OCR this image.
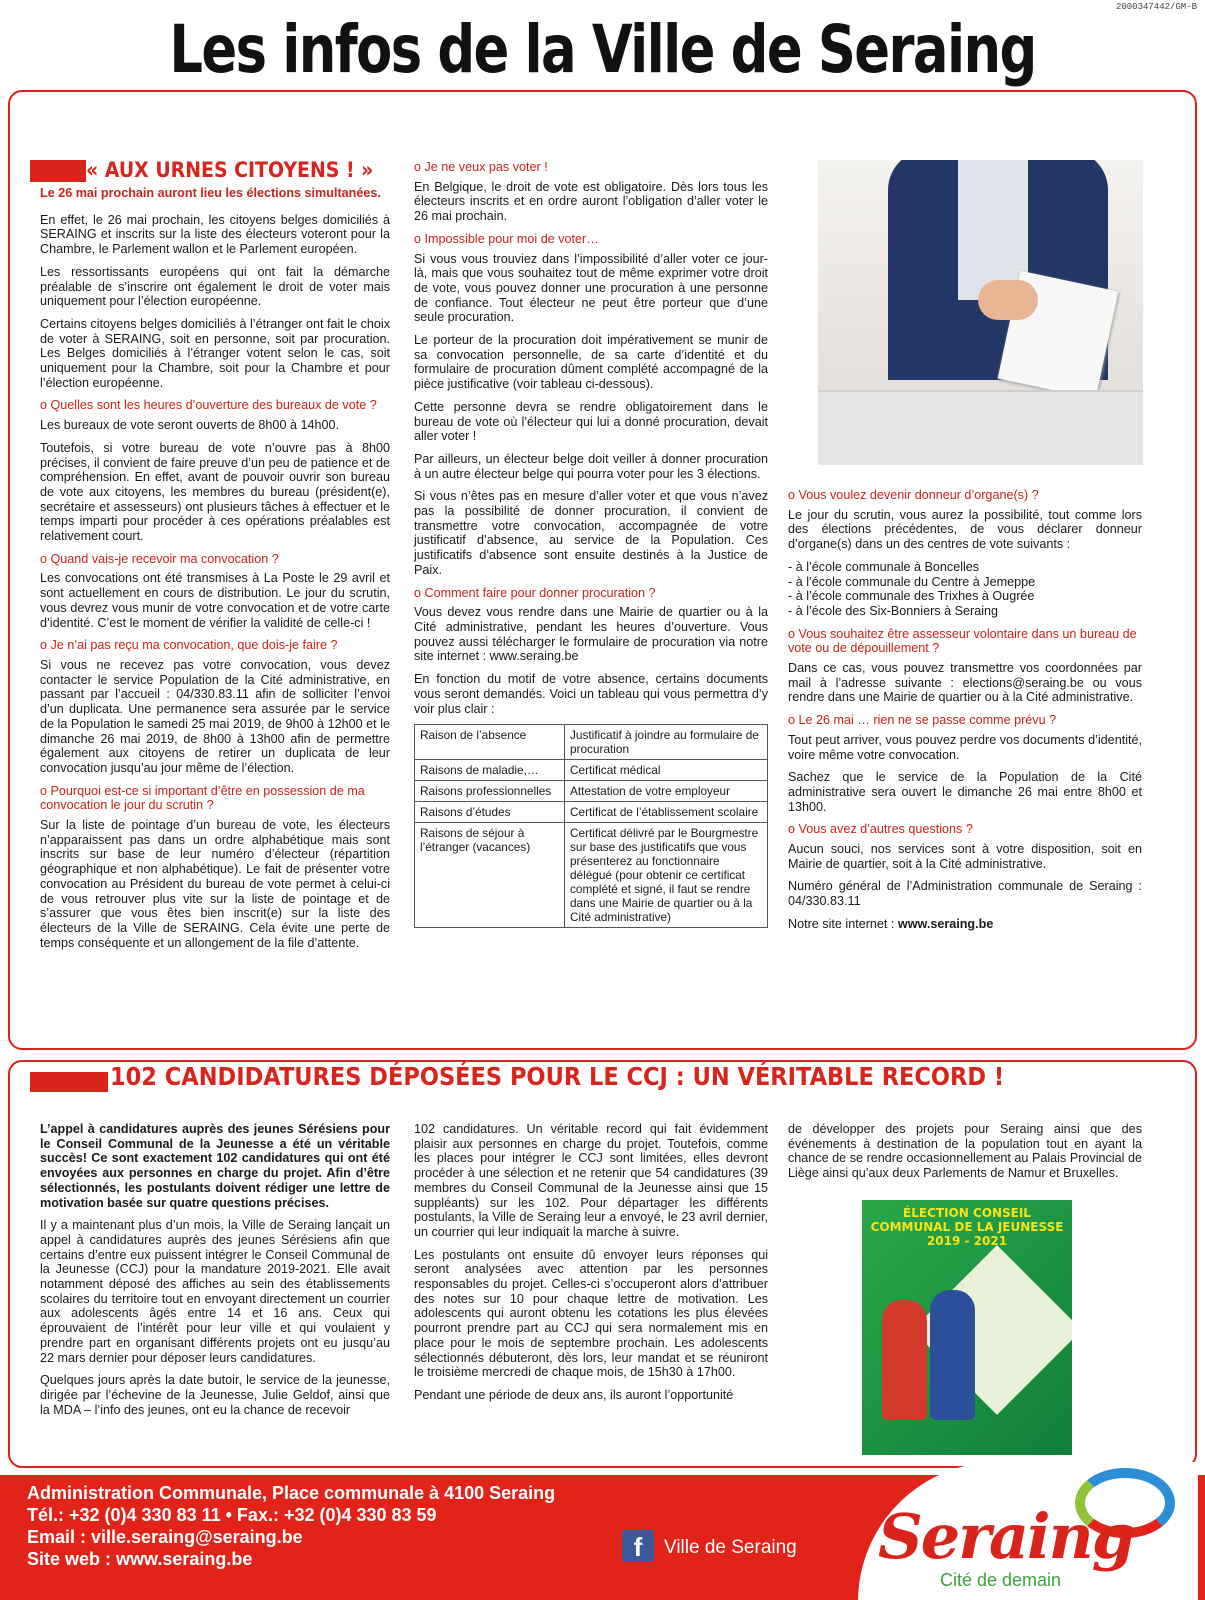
2000347442/GM-B
Les infos de la Ville de Seraing
« AUX URNES CITOYENS ! »

Le 26 mai prochain auront lieu les élections simultanées.

En effet, le 26 mai prochain, les citoyens belges domiciliés à SERAING et inscrits sur la liste des électeurs voteront pour la Chambre, le Parlement wallon et le Parlement européen.

Les ressortissants européens qui ont fait la démarche préalable de s’inscrire ont également le droit de voter mais uniquement pour l’élection européenne.

Certains citoyens belges domiciliés à l’étranger ont fait le choix de voter à SERAING, soit en personne, soit par procuration. Les Belges domiciliés à l’étranger votent selon le cas, soit uniquement pour la Chambre, soit pour la Chambre et pour l’élection européenne.

o Quelles sont les heures d’ouverture des bureaux de vote ?

Les bureaux de vote seront ouverts de 8h00 à 14h00.

Toutefois, si votre bureau de vote n’ouvre pas à 8h00 précises, il convient de faire preuve d’un peu de patience et de compréhension. En effet, avant de pouvoir ouvrir son bureau de vote aux citoyens, les membres du bureau (président(e), secrétaire et assesseurs) ont plusieurs tâches à effectuer et le temps imparti pour procéder à ces opérations préalables est relativement court.

o Quand vais-je recevoir ma convocation ?

Les convocations ont été transmises à La Poste le 29 avril et sont actuellement en cours de distribution. Le jour du scrutin, vous devrez vous munir de votre convocation et de votre carte d’identité. C’est le moment de vérifier la validité de celle-ci !

o Je n’ai pas reçu ma convocation, que dois-je faire ?

Si vous ne recevez pas votre convocation, vous devez contacter le service Population de la Cité administrative, en passant par l’accueil : 04/330.83.11 afin de solliciter l’envoi d’un duplicata. Une permanence sera assurée par le service de la Population le samedi 25 mai 2019, de 9h00 à 12h00 et le dimanche 26 mai 2019, de 8h00 à 13h00 afin de permettre également aux citoyens de retirer un duplicata de leur convocation jusqu’au jour même de l’élection.

o Pourquoi est-ce si important d’être en possession de ma convocation le jour du scrutin ?

Sur la liste de pointage d’un bureau de vote, les électeurs n’apparaissent pas dans un ordre alphabétique mais sont inscrits sur base de leur numéro d’électeur (répartition géographique et non alphabétique). Le fait de présenter votre convocation au Président du bureau de vote permet à celui-ci de vous retrouver plus vite sur la liste de pointage et de s’assurer que vous êtes bien inscrit(e) sur la liste des électeurs de la Ville de SERAING. Cela évite une perte de temps conséquente et un allongement de la file d’attente.

o Je ne veux pas voter !

En Belgique, le droit de vote est obligatoire. Dès lors tous les électeurs inscrits et en ordre auront l’obligation d’aller voter le 26 mai prochain.

o Impossible pour moi de voter…

Si vous vous trouviez dans l’impossibilité d’aller voter ce jour-là, mais que vous souhaitez tout de même exprimer votre droit de vote, vous pouvez donner une procuration à une personne de confiance. Tout électeur ne peut être porteur que d’une seule procuration.

Le porteur de la procuration doit impérativement se munir de sa convocation personnelle, de sa carte d’identité et du formulaire de procuration dûment complété accompagné de la pièce justificative (voir tableau ci-dessous).

Cette personne devra se rendre obligatoirement dans le bureau de vote où l’électeur qui lui a donné procuration, devait aller voter !

Par ailleurs, un électeur belge doit veiller à donner procuration à un autre électeur belge qui pourra voter pour les 3 élections.

Si vous n’êtes pas en mesure d’aller voter et que vous n’avez pas la possibilité de donner procuration, il convient de transmettre votre convocation, accompagnée de votre justificatif d’absence, au service de la Population. Ces justificatifs d’absence sont ensuite destinés à la Justice de Paix.

o Comment faire pour donner procuration ?

Vous devez vous rendre dans une Mairie de quartier ou à la Cité administrative, pendant les heures d’ouverture. Vous pouvez aussi télécharger le formulaire de procuration via notre site internet : www.seraing.be

En fonction du motif de votre absence, certains documents vous seront demandés. Voici un tableau qui vous permettra d’y voir plus clair :

Raison de l’absence	Justificatif à joindre au formulaire de procuration
Raisons de maladie,…	Certificat médical
Raisons professionnelles	Attestation de votre employeur
Raisons d’études	Certificat de l’établissement scolaire
Raisons de séjour à l’étranger (vacances)	Certificat délivré par le Bourgmestre sur base des justificatifs que vous présenterez au fonctionnaire délégué (pour obtenir ce certificat complété et signé, il faut se rendre dans une Mairie de quartier ou à la Cité administrative)

o Vous voulez devenir donneur d’organe(s) ?

Le jour du scrutin, vous aurez la possibilité, tout comme lors des élections précédentes, de vous déclarer donneur d’organe(s) dans un des centres de vote suivants :

- à l’école communale à Boncelles
- à l’école communale du Centre à Jemeppe
- à l’école communale des Trixhes à Ougrée
- à l’école des Six-Bonniers à Seraing

o Vous souhaitez être assesseur volontaire dans un bureau de vote ou de dépouillement ?

Dans ce cas, vous pouvez transmettre vos coordonnées par mail à l’adresse suivante : elections@seraing.be ou vous rendre dans une Mairie de quartier ou à la Cité administrative.

o Le 26 mai … rien ne se passe comme prévu ?

Tout peut arriver, vous pouvez perdre vos documents d’identité, voire même votre convocation.

Sachez que le service de la Population de la Cité administrative sera ouvert le dimanche 26 mai entre 8h00 et 13h00.

o Vous avez d’autres questions ?

Aucun souci, nos services sont à votre disposition, soit en Mairie de quartier, soit à la Cité administrative.

Numéro général de l’Administration communale de Seraing : 04/330.83.11

Notre site internet : www.seraing.be

102 CANDIDATURES DÉPOSÉES POUR LE CCJ : UN VÉRITABLE RECORD !

L’appel à candidatures auprès des jeunes Sérésiens pour le Conseil Communal de la Jeunesse a été un véritable succès! Ce sont exactement 102 candidatures qui ont été envoyées aux personnes en charge du projet. Afin d’être sélectionnés, les postulants doivent rédiger une lettre de motivation basée sur quatre questions précises.

Il y a maintenant plus d’un mois, la Ville de Seraing lançait un appel à candidatures auprès des jeunes Sérésiens afin que certains d’entre eux puissent intégrer le Conseil Communal de la Jeunesse (CCJ) pour la mandature 2019-2021. Elle avait notamment déposé des affiches au sein des établissements scolaires du territoire tout en envoyant directement un courrier aux adolescents âgés entre 14 et 16 ans. Ceux qui éprouvaient de l’intérêt pour leur ville et qui voulaient y prendre part en organisant différents projets ont eu jusqu’au 22 mars dernier pour déposer leurs candidatures.

Quelques jours après la date butoir, le service de la jeunesse, dirigée par l’échevine de la Jeunesse, Julie Geldof, ainsi que la MDA – l’info des jeunes, ont eu la chance de recevoir

102 candidatures. Un véritable record qui fait évidemment plaisir aux personnes en charge du projet. Toutefois, comme les places pour intégrer le CCJ sont limitées, elles devront procéder à une sélection et ne retenir que 54 candidatures (39 membres du Conseil Communal de la Jeunesse ainsi que 15 suppléants) sur les 102. Pour départager les différents postulants, la Ville de Seraing leur a envoyé, le 23 avril dernier, un courrier qui leur indiquait la marche à suivre.

Les postulants ont ensuite dû envoyer leurs réponses qui seront analysées avec attention par les personnes responsables du projet. Celles-ci s’occuperont alors d’attribuer des notes sur 10 pour chaque lettre de motivation. Les adolescents qui auront obtenu les cotations les plus élevées pourront prendre part au CCJ qui sera normalement mis en place pour le mois de septembre prochain. Les adolescents sélectionnés débuteront, dès lors, leur mandat et se réuniront le troisième mercredi de chaque mois, de 15h30 à 17h00.

Pendant une période de deux ans, ils auront l’opportunité

de développer des projets pour Seraing ainsi que des événements à destination de la population tout en ayant la chance de se rendre occasionnellement au Palais Provincial de Liège ainsi qu’aux deux Parlements de Namur et Bruxelles.

ÉLECTION CONSEIL COMMUNAL DE LA JEUNESSE 2019 - 2021
Administration Communale, Place communale à 4100 Seraing
Tél.: +32 (0)4 330 83 11 • Fax.: +32 (0)4 330 83 59
Email : ville.seraing@seraing.be
Site web : www.seraing.be	f	Ville de Seraing Seraing
Cité de demain
